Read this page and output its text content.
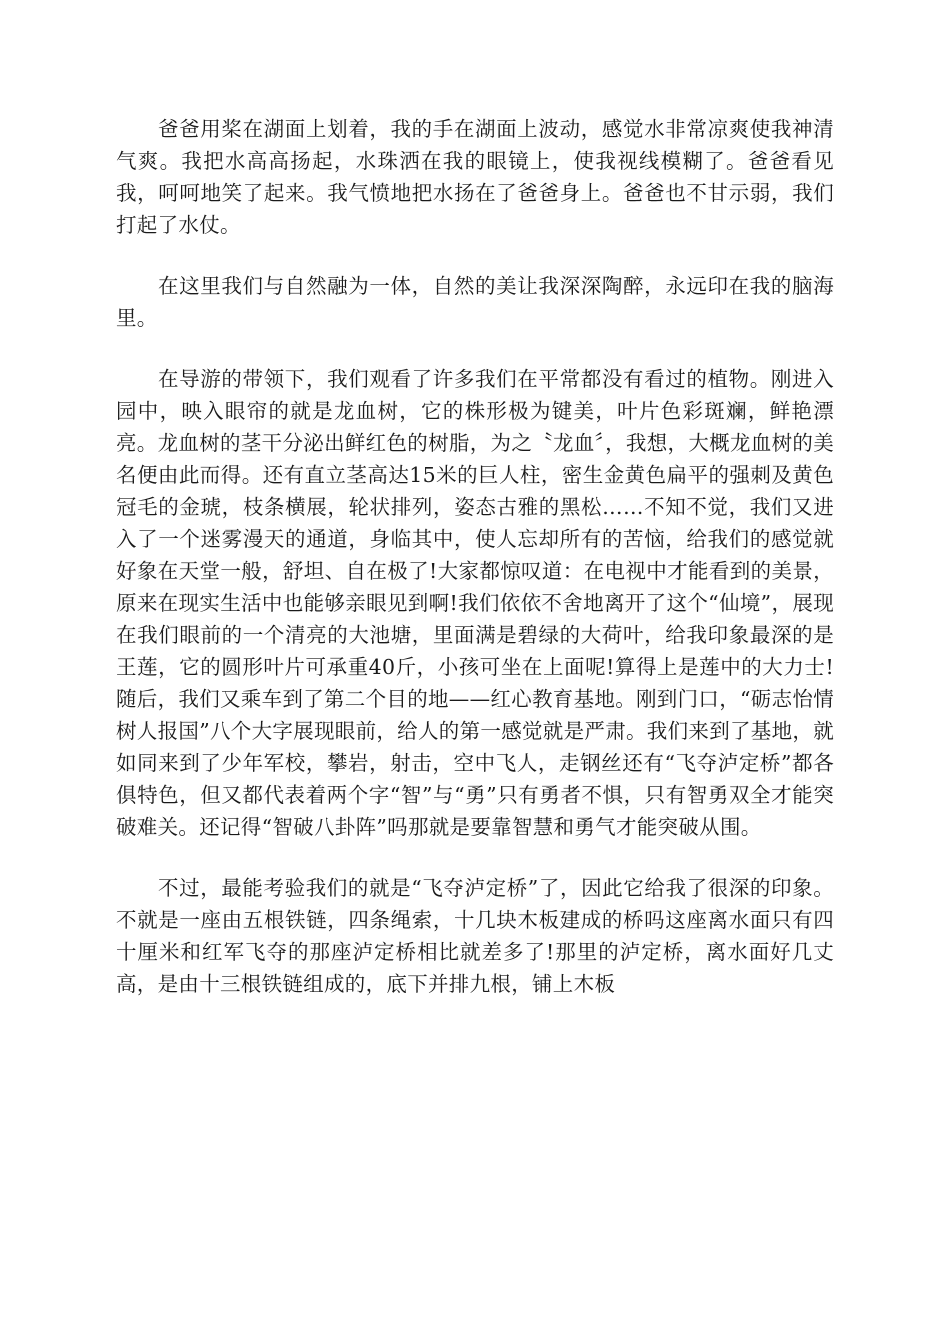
爸爸用桨在湖面上划着，我的手在湖面上波动，感觉水非常凉爽使我神清气爽。我把水高高扬起，水珠洒在我的眼镜上，使我视线模糊了。爸爸看见我，呵呵地笑了起来。我气愤地把水扬在了爸爸身上。爸爸也不甘示弱，我们打起了水仗。

在这里我们与自然融为一体，自然的美让我深深陶醉，永远印在我的脑海里。

在导游的带领下，我们观看了许多我们在平常都没有看过的植物。刚进入园中，映入眼帘的就是龙血树，它的株形极为键美，叶片色彩斑斓，鲜艳漂亮。龙血树的茎干分泌出鲜红色的树脂，为之〝龙血〞，我想，大概龙血树的美名便由此而得。还有直立茎高达15米的巨人柱，密生金黄色扁平的强刺及黄色冠毛的金琥，枝条横展，轮状排列，姿态古雅的黑松……不知不觉，我们又进入了一个迷雾漫天的通道，身临其中，使人忘却所有的苦恼，给我们的感觉就好象在天堂一般，舒坦、自在极了!大家都惊叹道：在电视中才能看到的美景，原来在现实生活中也能够亲眼见到啊!我们依依不舍地离开了这个“仙境”，展现在我们眼前的一个清亮的大池塘，里面满是碧绿的大荷叶，给我印象最深的是王莲，它的圆形叶片可承重40斤，小孩可坐在上面呢!算得上是莲中的大力士!随后，我们又乘车到了第二个目的地——红心教育基地。刚到门口，“砺志怡情树人报国”八个大字展现眼前，给人的第一感觉就是严肃。我们来到了基地，就如同来到了少年军校，攀岩，射击，空中飞人，走钢丝还有“飞夺泸定桥”都各俱特色，但又都代表着两个字“智”与“勇”只有勇者不惧，只有智勇双全才能突破难关。还记得“智破八卦阵”吗那就是要靠智慧和勇气才能突破从围。

不过，最能考验我们的就是“飞夺泸定桥”了，因此它给我了很深的印象。不就是一座由五根铁链，四条绳索，十几块木板建成的桥吗这座离水面只有四十厘米和红军飞夺的那座泸定桥相比就差多了!那里的泸定桥，离水面好几丈高，是由十三根铁链组成的，底下并排九根，铺上木板
